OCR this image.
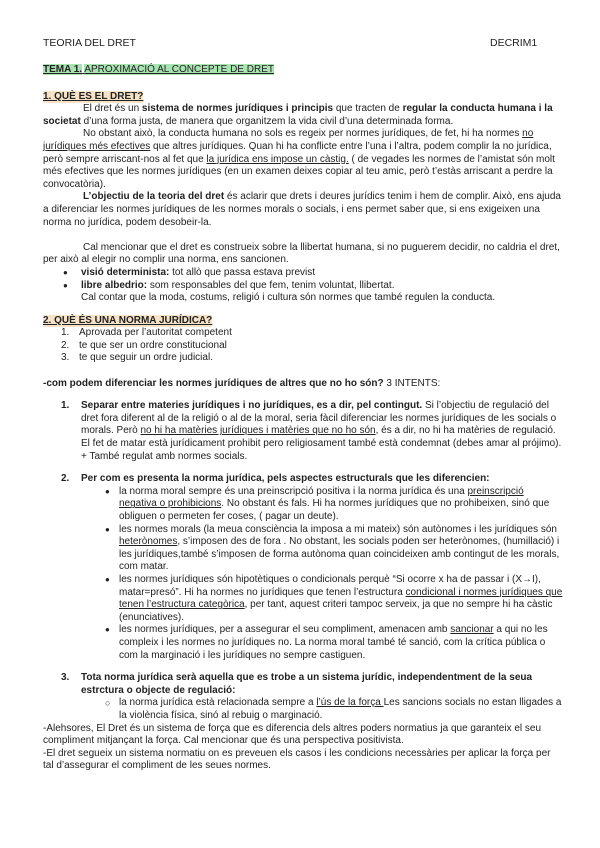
TEORIA DEL DRET	DECRIM1
TEMA 1. APROXIMACIÓ AL CONCEPTE DE DRET
1. QUÈ ES EL DRET?

El dret és un sistema de normes jurídiques i principis que tracten de regular la conducta humana i la societat d’una forma justa, de manera que organitzem la vida civil d’una determinada forma.

No obstant això, la conducta humana no sols es regeix per normes jurídiques, de fet, hi ha normes no jurídiques més efectives que altres jurídiques. Quan hi ha conflicte entre l’una i l’altra, podem complir la no jurídica, però sempre arriscant-nos al fet que la jurídica ens impose un càstig. ( de vegades les normes de l’amistat són molt més efectives que les normes jurídiques (en un examen deixes copiar al teu amic, però t’estàs arriscant a perdre la convocatòria).

L’objectiu de la teoria del dret és aclarir que drets i deures jurídics tenim i hem de complir. Això, ens ajuda a diferenciar les normes jurídiques de les normes morals o socials, i ens permet saber que, si ens exigeixen una norma no jurídica, podem desobeir-la.

Cal mencionar que el dret es construeix sobre la llibertat humana, si no puguerem decidir, no caldria el dret, per això al elegir no complir una norma, ens sancionen.

● visió determinista: tot allò que passa estava previst
● libre albedrio: som responsables del que fem, tenim voluntat, llibertat.

Cal contar que la moda, costums, religió i cultura són normes que també regulen la conducta.

2. QUÈ ÉS UNA NORMA JURÍDICA?
1. Aprovada per l’autoritat competent
2. te que ser un ordre constitucional
3. te que seguir un ordre judicial.

-com podem diferenciar les normes jurídiques de altres que no ho són? 3 INTENTS:

1. Separar entre materies jurídiques i no jurídiques, es a dir, pel contingut. Si l’objectiu de regulació del dret fora diferent al de la religió o al de la moral, seria fàcil diferenciar les normes jurídiques de les socials o morals. Però no hi ha matèries jurídiques i matèries que no ho són, és a dir, no hi ha matèries de regulació. El fet de matar està jurídicament prohibit pero religiosament també està condemnat (debes amar al prójimo). + També regulat amb normes socials.
2. Per com es presenta la norma jurídica, pels aspectes estructurals que les diferencien:
● la norma moral sempre és una preinscripció positiva i la norma jurídica és una preinscripció negativa o prohibicions. No obstant és fals. Hi ha normes jurídiques que no prohibeixen, sinó que obliguen o permeten fer coses, ( pagar un deute).
● les normes morals (la meua consciència la imposa a mi mateix) són autònomes i les jurídiques són heterònomes, s’imposen des de fora . No obstant, les socials poden ser heterònomes, (humillació) i les jurídiques,també s’imposen de forma autònoma quan coincideixen amb contingut de les morals, com matar.
● les normes jurídiques són hipotètiques o condicionals perquè “Si ocorre x ha de passar i (X→I), matar=presó”. Hi ha normes no jurídiques que tenen l’estructura condicional i normes jurídiques que tenen l’estructura categòrica, per tant, aquest criteri tampoc serveix, ja que no sempre hi ha càstic (enunciatives).
● les normes jurídiques, per a assegurar el seu compliment, amenacen amb sancionar a qui no les compleix i les normes no jurídiques no. La norma moral també té sanció, com la crítica pública o com la marginació i les jurídiques no sempre castiguen.
3. Tota norma jurídica serà aquella que es trobe a un sistema jurídic, independentment de la seua estrctura o objecte de regulació:
○ la norma jurídica està relacionada sempre a l’ús de la força Les sancions socials no estan lligades a la violència física, sinó al rebuig o marginació.

-Alehsores, El Dret és un sistema de força que es diferencia dels altres poders normatius ja que garanteix el seu compliment mitjançant la força. Cal mencionar que és una perspectiva positivista.

-El dret segueix un sistema normatiu on es preveuen els casos i les condicions necessàries per aplicar la força per tal d’assegurar el compliment de les seues normes.
